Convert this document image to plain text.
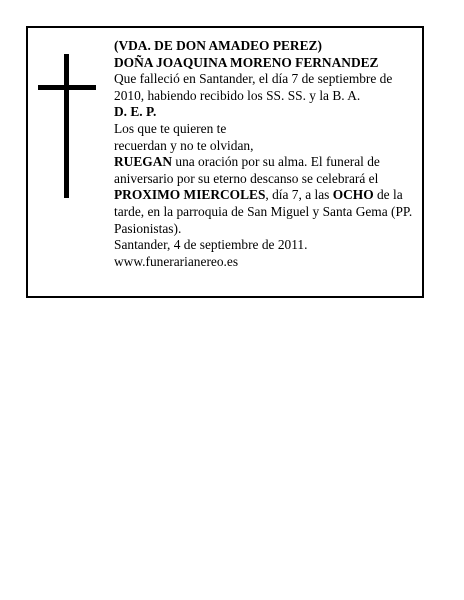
(VDA. DE DON AMADEO PEREZ)

DOÑA JOAQUINA MORENO FERNANDEZ

Que falleció en Santander, el día 7 de septiembre de

2010, habiendo recibido los SS. SS. y la B. A.

D. E. P.

Los que te quieren te

recuerdan y no te olvidan,

RUEGAN una oración por su alma. El funeral de

aniversario por su eterno descanso se celebrará el

PROXIMO MIERCOLES, día 7, a las OCHO de la

tarde, en la parroquia de San Miguel y Santa Gema (PP.

Pasionistas).

Santander, 4 de septiembre de 2011.

www.funerarianereo.es
